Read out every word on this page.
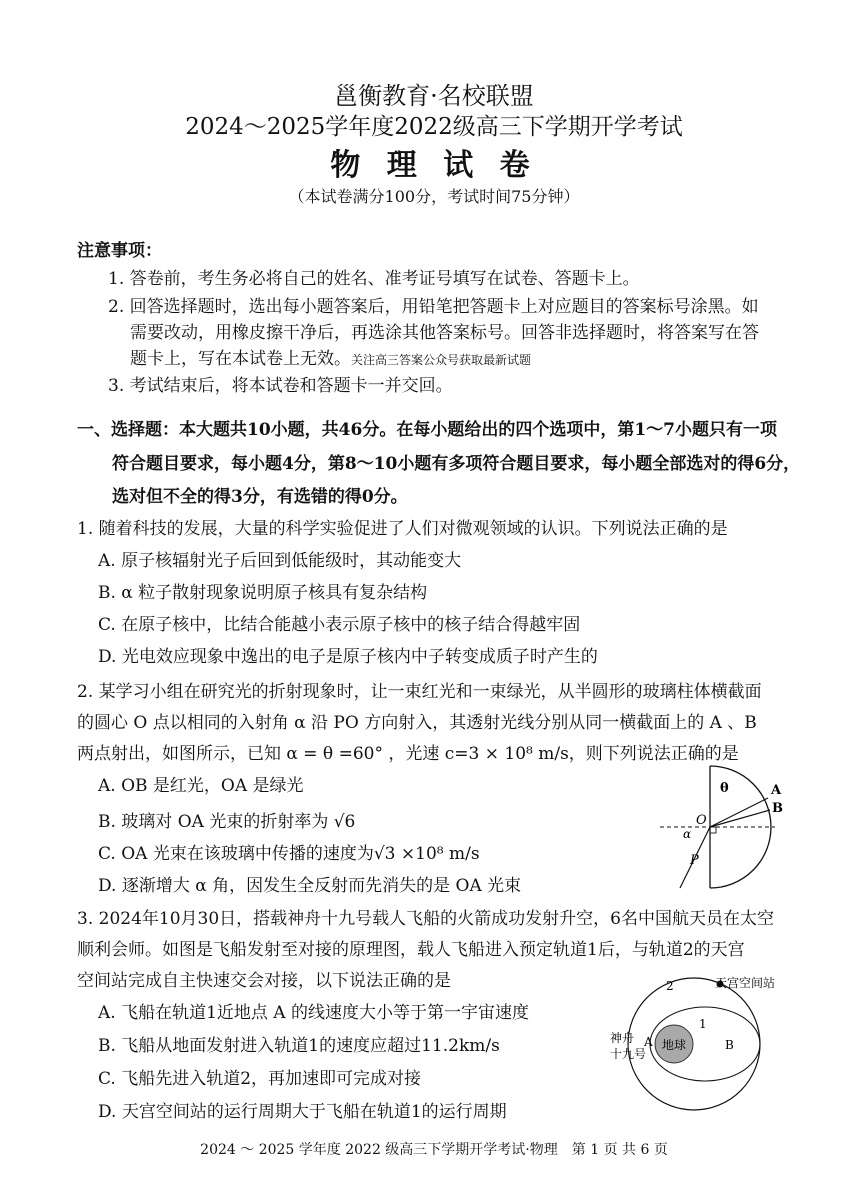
邕衡教育·名校联盟
2024～2025学年度2022级高三下学期开学考试
物 理 试 卷
（本试卷满分100分，考试时间75分钟）
注意事项：
1. 答卷前，考生务必将自己的姓名、准考证号填写在试卷、答题卡上。
2. 回答选择题时，选出每小题答案后，用铅笔把答题卡上对应题目的答案标号涂黑。如
需要改动，用橡皮擦干净后，再选涂其他答案标号。回答非选择题时，将答案写在答
题卡上，写在本试卷上无效。关注高三答案公众号获取最新试题
3. 考试结束后，将本试卷和答题卡一并交回。
一、选择题：本大题共10小题，共46分。在每小题给出的四个选项中，第1～7小题只有一项
符合题目要求，每小题4分，第8～10小题有多项符合题目要求，每小题全部选对的得6分，
选对但不全的得3分，有选错的得0分。
1. 随着科技的发展，大量的科学实验促进了人们对微观领域的认识。下列说法正确的是
A. 原子核辐射光子后回到低能级时，其动能变大
B. α 粒子散射现象说明原子核具有复杂结构
C. 在原子核中，比结合能越小表示原子核中的核子结合得越牢固
D. 光电效应现象中逸出的电子是原子核内中子转变成质子时产生的
2. 某学习小组在研究光的折射现象时，让一束红光和一束绿光，从半圆形的玻璃柱体横截面
的圆心 O 点以相同的入射角 α 沿 PO 方向射入，其透射光线分别从同一横截面上的 A 、B
两点射出，如图所示，已知 α = θ =60° ，光速 c=3 × 10⁸ m/s，则下列说法正确的是
A. OB 是红光，OA 是绿光
B. 玻璃对 OA 光束的折射率为 √6
C. OA 光束在该玻璃中传播的速度为√3 ×10⁸ m/s
D. 逐渐增大 α 角，因发生全反射而先消失的是 OA 光束
A
B
θ
O
α
P
3. 2024年10月30日，搭载神舟十九号载人飞船的火箭成功发射升空，6名中国航天员在太空
顺利会师。如图是飞船发射至对接的原理图，载人飞船进入预定轨道1后，与轨道2的天宫
空间站完成自主快速交会对接，以下说法正确的是
A. 飞船在轨道1近地点 A 的线速度大小等于第一宇宙速度
B. 飞船从地面发射进入轨道1的速度应超过11.2km/s
C. 飞船先进入轨道2，再加速即可完成对接
D. 天宫空间站的运行周期大于飞船在轨道1的运行周期
天宫空间站
2
1
地球
神舟
十九号
A	B
2024 ～ 2025 学年度 2022 级高三下学期开学考试·物理　第 1 页 共 6 页
